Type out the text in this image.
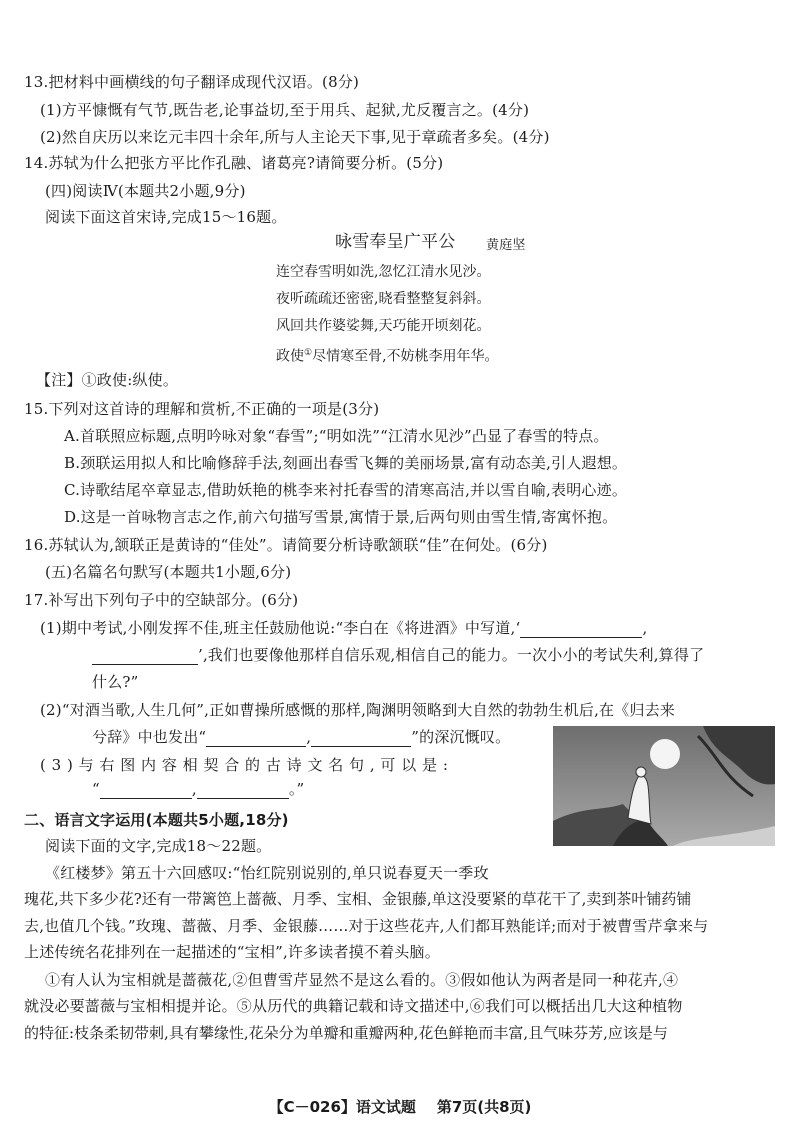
13.把材料中画横线的句子翻译成现代汉语。(8分)
(1)方平慷慨有气节,既告老,论事益切,至于用兵、起狱,尤反覆言之。(4分)
(2)然自庆历以来讫元丰四十余年,所与人主论天下事,见于章疏者多矣。(4分)
14.苏轼为什么把张方平比作孔融、诸葛亮?请简要分析。(5分)
(四)阅读Ⅳ(本题共2小题,9分)
阅读下面这首宋诗,完成15～16题。
咏雪奉呈广平公 黄庭坚
连空春雪明如洗,忽忆江清水见沙。
夜听疏疏还密密,晓看整整复斜斜。
风回共作婆娑舞,天巧能开顷刻花。
政使①尽情寒至骨,不妨桃李用年华。
【注】①政使:纵使。
15.下列对这首诗的理解和赏析,不正确的一项是(3分)
A.首联照应标题,点明吟咏对象“春雪”;“明如洗”“江清水见沙”凸显了春雪的特点。
B.颈联运用拟人和比喻修辞手法,刻画出春雪飞舞的美丽场景,富有动态美,引人遐想。
C.诗歌结尾卒章显志,借助妖艳的桃李来衬托春雪的清寒高洁,并以雪自喻,表明心迹。
D.这是一首咏物言志之作,前六句描写雪景,寓情于景,后两句则由雪生情,寄寓怀抱。
16.苏轼认为,颔联正是黄诗的“佳处”。请简要分析诗歌颔联“佳”在何处。(6分)
(五)名篇名句默写(本题共1小题,6分)
17.补写出下列句子中的空缺部分。(6分)
(1)期中考试,小刚发挥不佳,班主任鼓励他说:“李白在《将进酒》中写道,‘	,
’,我们也要像他那样自信乐观,相信自己的能力。一次小小的考试失利,算得了
什么?”
(2)“对酒当歌,人生几何”,正如曹操所感慨的那样,陶渊明领略到大自然的勃勃生机后,在《归去来
兮辞》中也发出“	,	”的深沉慨叹。
(3)与右图内容相契合的古诗文名句,可以是:
“	,	。”
二、语言文字运用(本题共5小题,18分)
阅读下面的文字,完成18～22题。
《红楼梦》第五十六回感叹:“怡红院别说别的,单只说春夏天一季玫
瑰花,共下多少花?还有一带篱笆上蔷薇、月季、宝相、金银藤,单这没要紧的草花干了,卖到茶叶铺药铺
去,也值几个钱。”玫瑰、蔷薇、月季、金银藤……对于这些花卉,人们都耳熟能详;而对于被曹雪芹拿来与
上述传统名花排列在一起描述的“宝相”,许多读者摸不着头脑。
①有人认为宝相就是蔷薇花,②但曹雪芹显然不是这么看的。③假如他认为两者是同一种花卉,④
就没必要蔷薇与宝相相提并论。⑤从历代的典籍记载和诗文描述中,⑥我们可以概括出几大这种植物
的特征:枝条柔韧带刺,具有攀缘性,花朵分为单瓣和重瓣两种,花色鲜艳而丰富,且气味芬芳,应该是与
【C－026】语文试题 第7页(共8页)
